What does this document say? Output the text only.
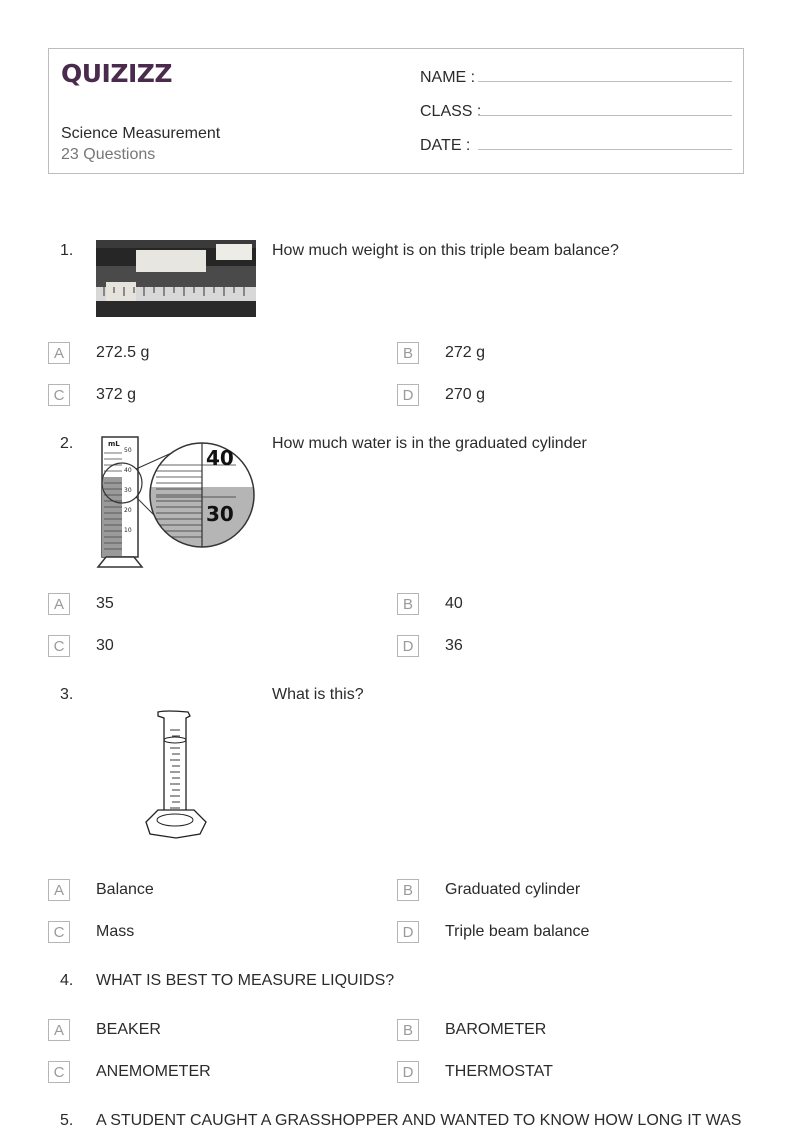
QUIZIZZ
Science Measurement
23 Questions
NAME :
CLASS :
DATE :
1.	How much weight is on this triple beam balance?
A	272.5 g	B	272 g
C	372 g	D	270 g
2.	mL
50
40
30
20
10
40
30
How much water is in the graduated cylinder
A	35	B	40
C	30	D	36
3.	What is this?
A	Balance	B	Graduated cylinder
C	Mass	D	Triple beam balance
4. WHAT IS BEST TO MEASURE LIQUIDS?
A	BEAKER	B	BAROMETER
C	ANEMOMETER	D	THERMOSTAT
5. A STUDENT CAUGHT A GRASSHOPPER AND WANTED TO KNOW HOW LONG IT WAS
